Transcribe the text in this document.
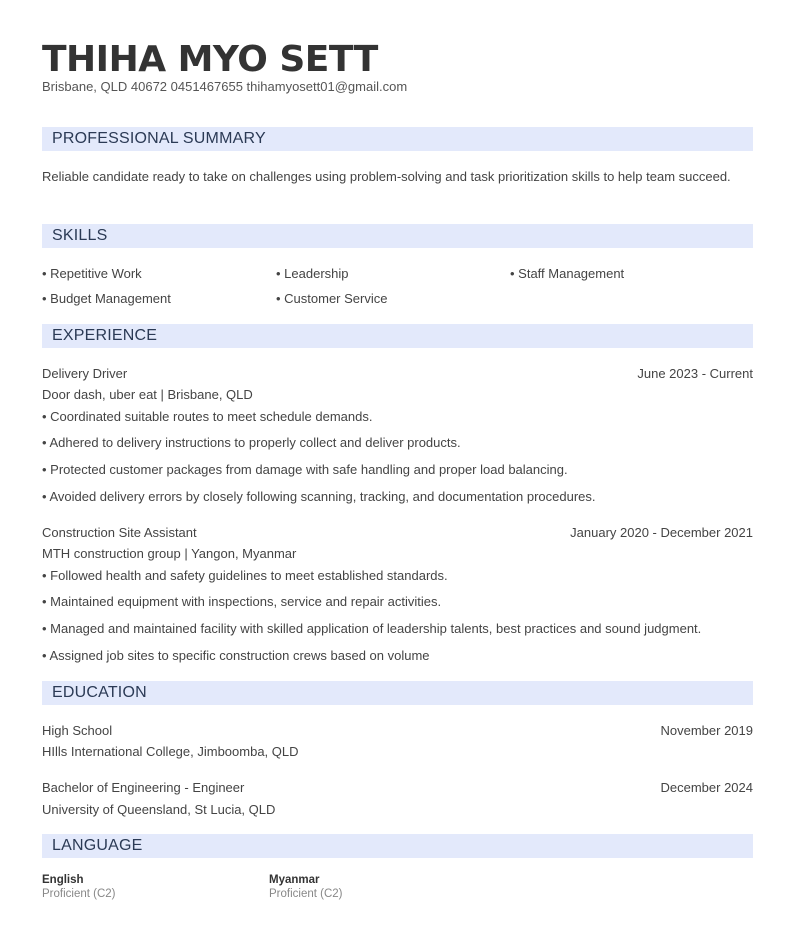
THIHA MYO SETT
Brisbane, QLD 40672 0451467655 thihamyosett01@gmail.com
PROFESSIONAL SUMMARY
Reliable candidate ready to take on challenges using problem-solving and task prioritization skills to help team succeed.
SKILLS
• Repetitive Work	• Leadership	• Staff Management
• Budget Management	• Customer Service
EXPERIENCE
Delivery Driver	June 2023 - Current
Door dash, uber eat | Brisbane, QLD
• Coordinated suitable routes to meet schedule demands.
• Adhered to delivery instructions to properly collect and deliver products.
• Protected customer packages from damage with safe handling and proper load balancing.
• Avoided delivery errors by closely following scanning, tracking, and documentation procedures.
Construction Site Assistant	January 2020 - December 2021
MTH construction group | Yangon, Myanmar
• Followed health and safety guidelines to meet established standards.
• Maintained equipment with inspections, service and repair activities.
• Managed and maintained facility with skilled application of leadership talents, best practices and sound judgment.
• Assigned job sites to specific construction crews based on volume
EDUCATION
High School	November 2019
HIlls International College, Jimboomba, QLD
Bachelor of Engineering - Engineer	December 2024
University of Queensland, St Lucia, QLD
LANGUAGE
English
Proficient (C2)
Myanmar
Proficient (C2)
